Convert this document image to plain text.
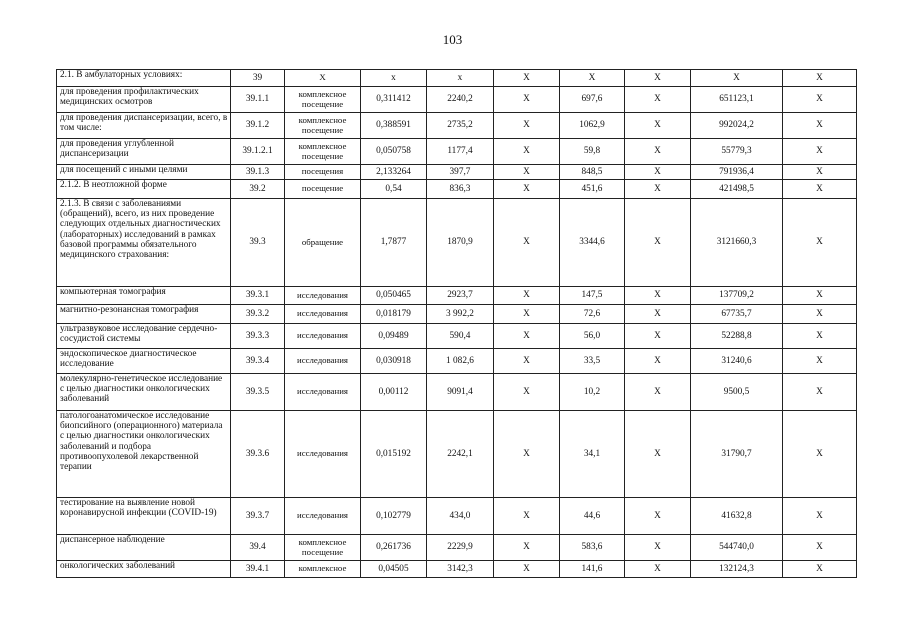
103
2.1. В амбулаторных условиях:	39	Х	х	х	Х	Х	Х	Х	Х
для проведения профилактических медицинских осмотров	39.1.1	комплексное посещение	0,311412	2240,2	Х	697,6	Х	651123,1	Х
для проведения диспансеризации, всего, в том числе:	39.1.2	комплексное посещение	0,388591	2735,2	Х	1062,9	Х	992024,2	Х
для проведения углубленной диспансеризации	39.1.2.1	комплексное посещение	0,050758	1177,4	Х	59,8	Х	55779,3	Х
для посещений с иными целями	39.1.3	посещения	2,133264	397,7	Х	848,5	Х	791936,4	Х
2.1.2. В неотложной форме	39.2	посещение	0,54	836,3	Х	451,6	Х	421498,5	Х
2.1.3. В связи с заболеваниями (обращений), всего, из них проведение следующих отдельных диагностических (лабораторных) исследований в рамках базовой программы обязательного медицинского страхования:	39.3	обращение	1,7877	1870,9	Х	3344,6	Х	3121660,3	Х
компьютерная томография	39.3.1	исследования	0,050465	2923,7	Х	147,5	Х	137709,2	Х
магнитно-резонансная томография	39.3.2	исследования	0,018179	3 992,2	Х	72,6	Х	67735,7	Х
ультразвуковое исследование сердечно-сосудистой системы	39.3.3	исследования	0,09489	590,4	Х	56,0	Х	52288,8	Х
эндоскопическое диагностическое исследование	39.3.4	исследования	0,030918	1 082,6	Х	33,5	Х	31240,6	Х
молекулярно-генетическое исследование с целью диагностики онкологических заболеваний	39.3.5	исследования	0,00112	9091,4	Х	10,2	Х	9500,5	Х
патологоанатомическое исследование биопсийного (операционного) материала с целью диагностики онкологических заболеваний и подбора противоопухолевой лекарственной терапии	39.3.6	исследования	0,015192	2242,1	Х	34,1	Х	31790,7	Х
тестирование на выявление новой коронавирусной инфекции (COVID-19)	39.3.7	исследования	0,102779	434,0	Х	44,6	Х	41632,8	Х
диспансерное наблюдение	39.4	комплексное посещение	0,261736	2229,9	Х	583,6	Х	544740,0	Х
онкологических заболеваний	39.4.1	комплексное	0,04505	3142,3	Х	141,6	Х	132124,3	Х
